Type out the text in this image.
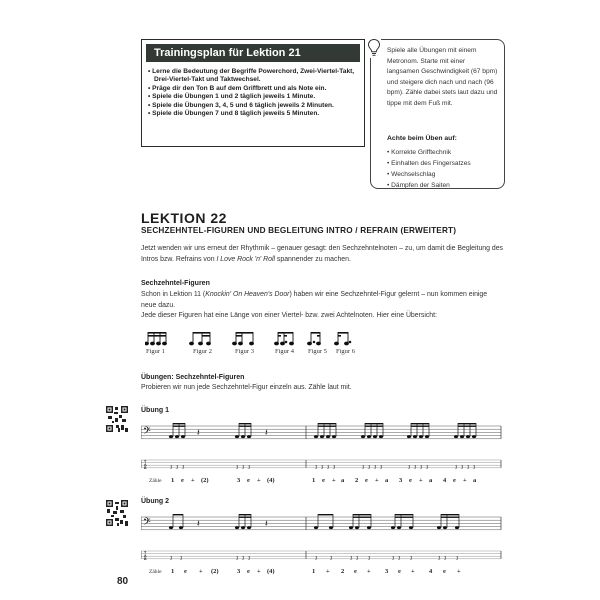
Trainingsplan für Lektion 21
• Lerne die Bedeutung der Begriffe Powerchord, Zwei-Viertel-Takt, Drei-Viertel-Takt und Taktwechsel.
• Präge dir den Ton B auf dem Griffbrett und als Note ein.
• Spiele die Übungen 1 und 2 täglich jeweils 1 Minute.
• Spiele die Übungen 3, 4, 5 und 6 täglich jeweils 2 Minuten.
• Spiele die Übungen 7 und 8 täglich jeweils 5 Minuten.
Spiele alle Übungen mit einem Metronom. Starte mit einer langsamen Geschwindigkeit (67 bpm) und steigere dich nach und nach (96 bpm). Zähle dabei stets laut dazu und tippe mit dem Fuß mit.
Achte beim Üben auf:
• Korrekte Grifftechnik
• Einhalten des Fingersatzes
• Wechselschlag
• Dämpfen der Saiten
LEKTION 22
SECHZEHNTEL-FIGUREN UND BEGLEITUNG INTRO / REFRAIN (ERWEITERT)
Jetzt wenden wir uns erneut der Rhythmik – genauer gesagt: den Sechzehntelnoten – zu, um damit die Begleitung des Intros bzw. Refrains von I Love Rock 'n' Roll spannender zu machen.
Sechzehntel-Figuren
Schon in Lektion 11 (Knockin' On Heaven's Door) haben wir eine Sechzehntel-Figur gelernt – nun kommen einige neue dazu.
Jede dieser Figuren hat eine Länge von einer Viertel- bzw. zwei Achtelnoten. Hier eine Übersicht:
Figur 1	Figur 2	Figur 3	Figur 4 Figur 5 Figur 6
Übungen: Sechzehntel-Figuren
Probieren wir nun jede Sechzehntel-Figur einzeln aus. Zähle laut mit.
Übung 1
𝄢
T
A
B	3 3 3
𝄽
3 3 3
𝄽
3 3 3 3	3 3 3 3	3 3 3 3	3 3 3 3
Zähle 1 e + (2)	3 e + (4)	1 e + a 2 e + a 3 e + a 4 e + a
Übung 2
𝄢
T
A
B	3 3
𝄽
3 3 3
𝄽
3	3	3 3 3	3 3 3	3 3 3
Zähle 1 e + (2)	3 e + (4)	1 + 2 e + 3 e + 4 e +
80
